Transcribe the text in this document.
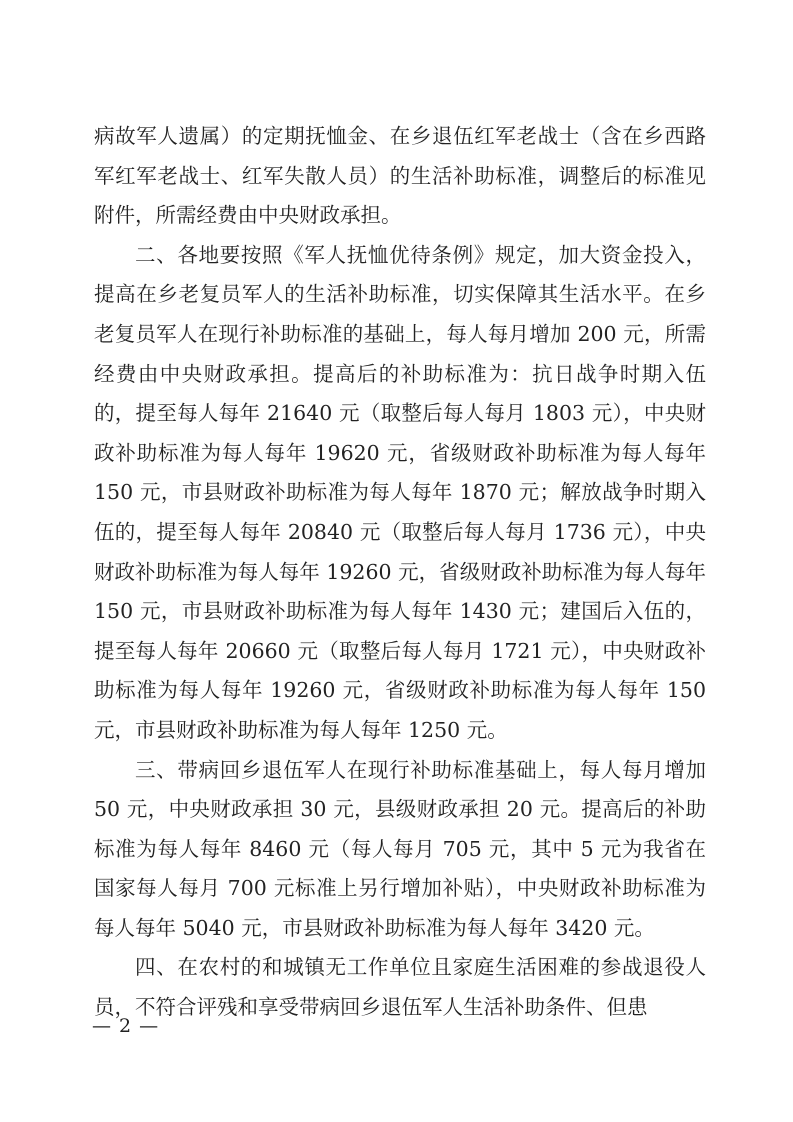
病故军人遗属）的定期抚恤金、在乡退伍红军老战士（含在乡西路军红军老战士、红军失散人员）的生活补助标准，调整后的标准见附件，所需经费由中央财政承担。

二、各地要按照《军人抚恤优待条例》规定，加大资金投入，提高在乡老复员军人的生活补助标准，切实保障其生活水平。在乡老复员军人在现行补助标准的基础上，每人每月增加 200 元，所需经费由中央财政承担。提高后的补助标准为：抗日战争时期入伍的，提至每人每年 21640 元（取整后每人每月 1803 元），中央财政补助标准为每人每年 19620 元，省级财政补助标准为每人每年 150 元，市县财政补助标准为每人每年 1870 元；解放战争时期入伍的，提至每人每年 20840 元（取整后每人每月 1736 元），中央财政补助标准为每人每年 19260 元，省级财政补助标准为每人每年 150 元，市县财政补助标准为每人每年 1430 元；建国后入伍的，提至每人每年 20660 元（取整后每人每月 1721 元），中央财政补助标准为每人每年 19260 元，省级财政补助标准为每人每年 150 元，市县财政补助标准为每人每年 1250 元。

三、带病回乡退伍军人在现行补助标准基础上，每人每月增加 50 元，中央财政承担 30 元，县级财政承担 20 元。提高后的补助标准为每人每年 8460 元（每人每月 705 元，其中 5 元为我省在国家每人每月 700 元标准上另行增加补贴），中央财政补助标准为每人每年 5040 元，市县财政补助标准为每人每年 3420 元。

四、在农村的和城镇无工作单位且家庭生活困难的参战退役人员，不符合评残和享受带病回乡退伍军人生活补助条件、但患

— 2 —
